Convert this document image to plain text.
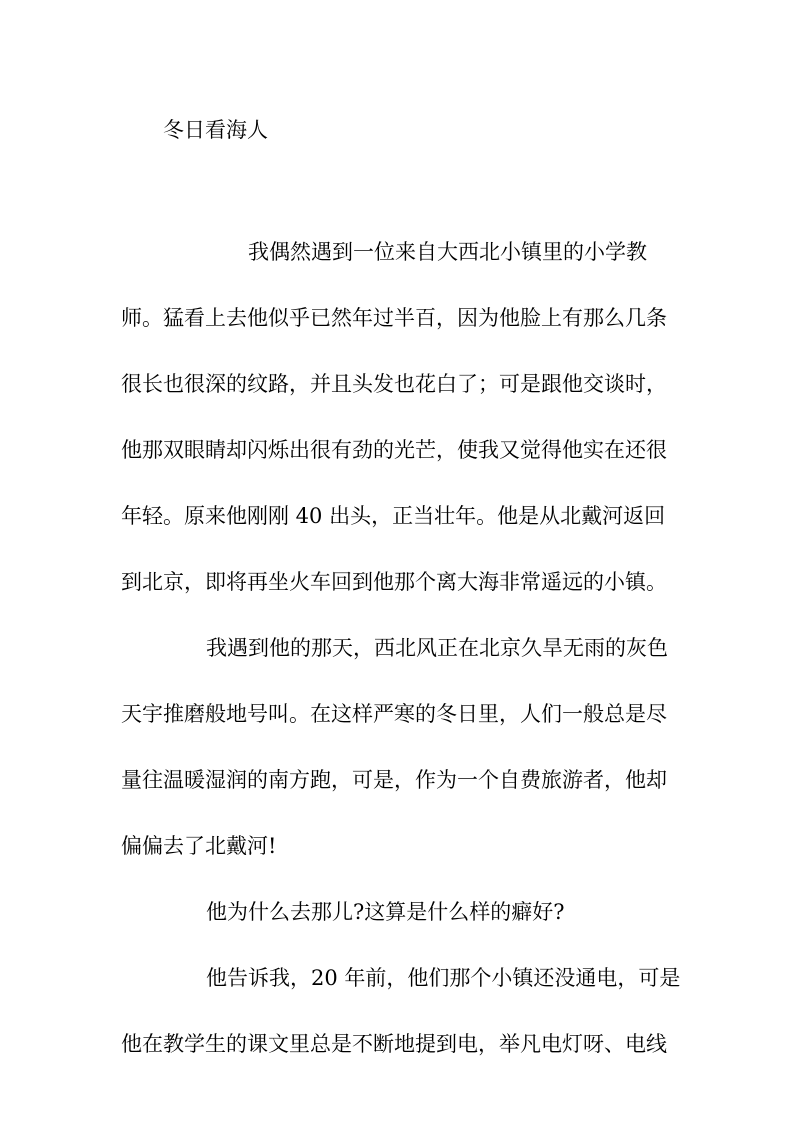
冬日看海人

我偶然遇到一位来自大西北小镇里的小学教

师。猛看上去他似乎已然年过半百，因为他脸上有那么几条

很长也很深的纹路，并且头发也花白了；可是跟他交谈时，

他那双眼睛却闪烁出很有劲的光芒，使我又觉得他实在还很

年轻。原来他刚刚 40 出头，正当壮年。他是从北戴河返回

到北京，即将再坐火车回到他那个离大海非常遥远的小镇。

我遇到他的那天，西北风正在北京久旱无雨的灰色

天宇推磨般地号叫。在这样严寒的冬日里，人们一般总是尽

量往温暖湿润的南方跑，可是，作为一个自费旅游者，他却

偏偏去了北戴河!

他为什么去那儿?这算是什么样的癖好?

他告诉我，20 年前，他们那个小镇还没通电，可是

他在教学生的课文里总是不断地提到电，举凡电灯呀、电线
